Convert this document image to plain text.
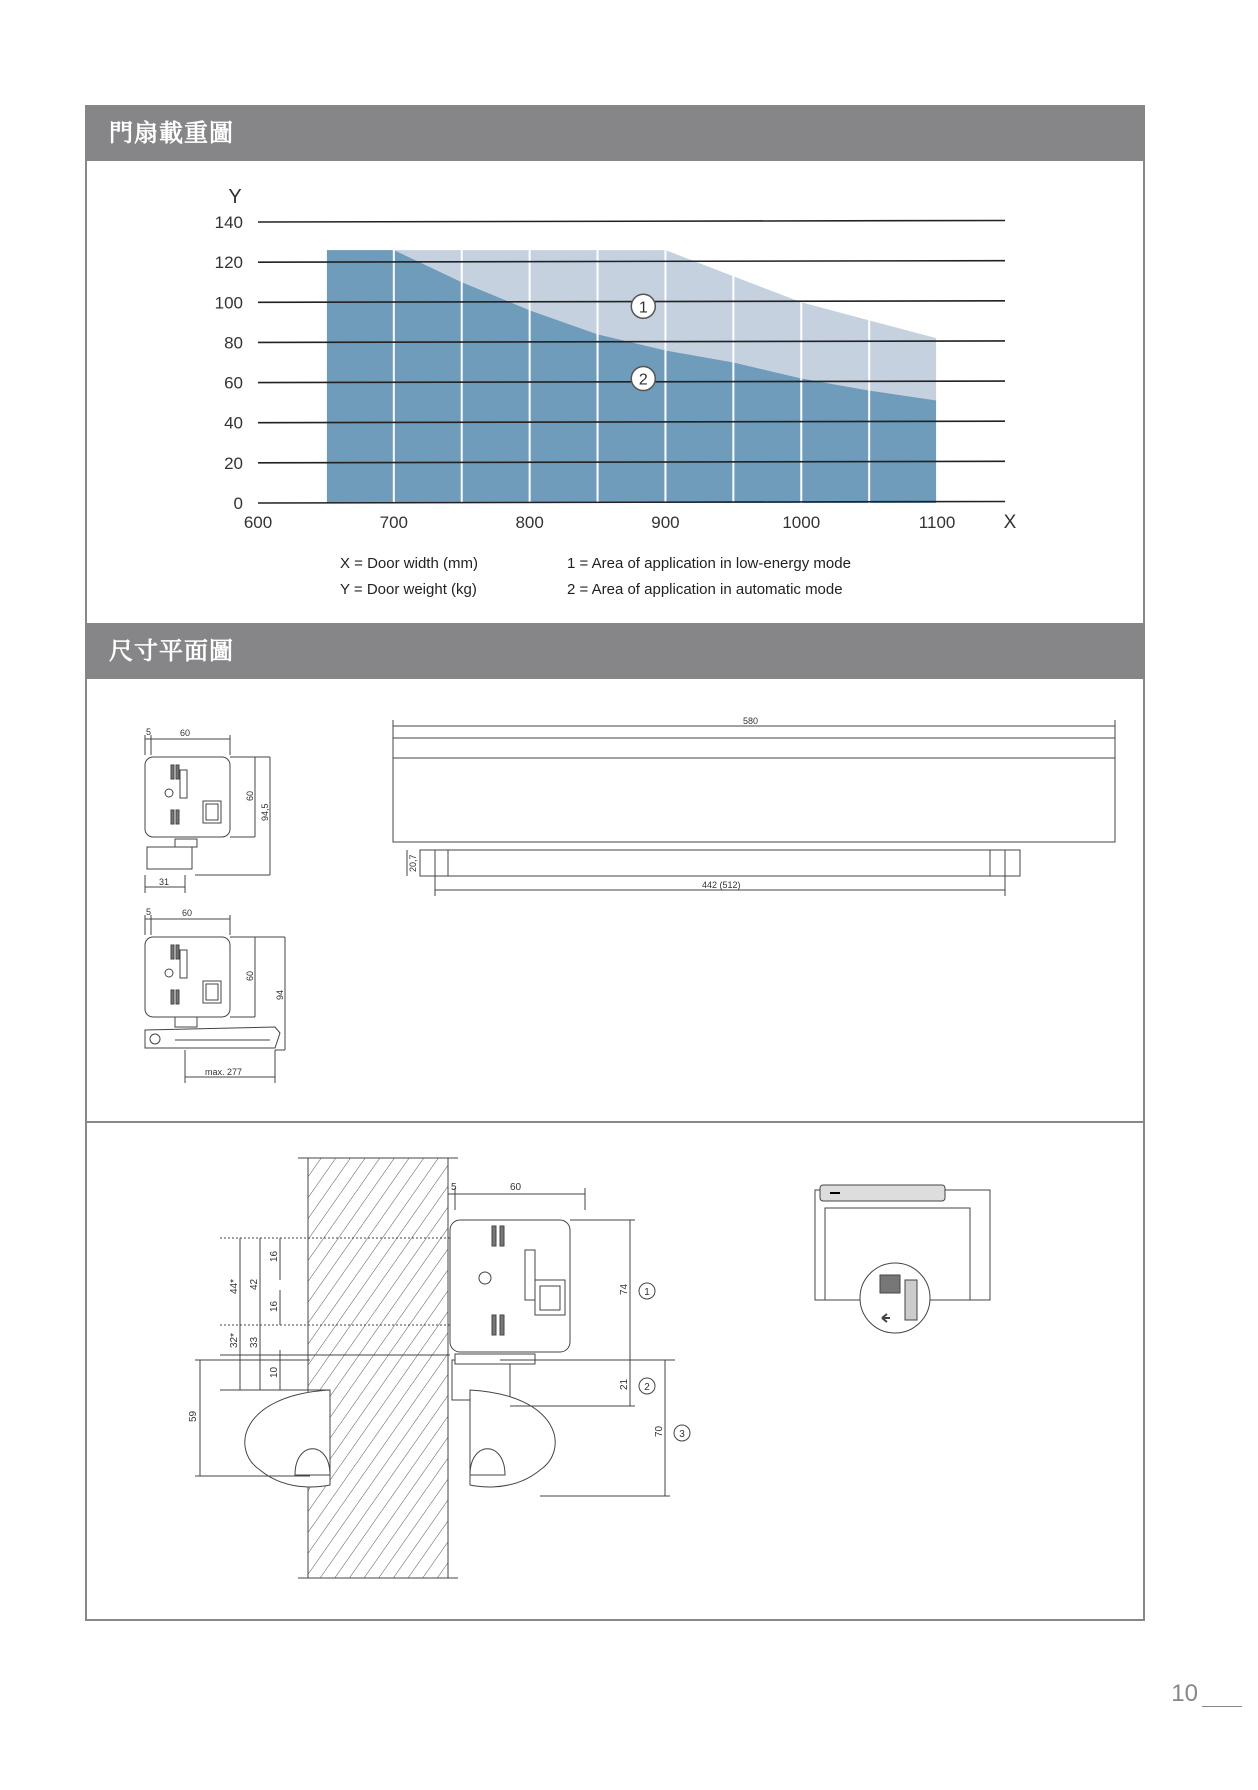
門扇載重圖
0
20
40
60
80
100
120
140
600	700	800	900	1000	1100
1
2
Y
X
X = Door width (mm)
Y = Door weight (kg)
1 = Area of application in low-energy mode
2 = Area of application in automatic mode
尺寸平面圖
5	60
60
94,5
31
5	60
60
94
max. 277
580
20,7
442 (512)
5	60
44* 42
16
16
32* 33
10
59
74
21
70
1
2
3
10
